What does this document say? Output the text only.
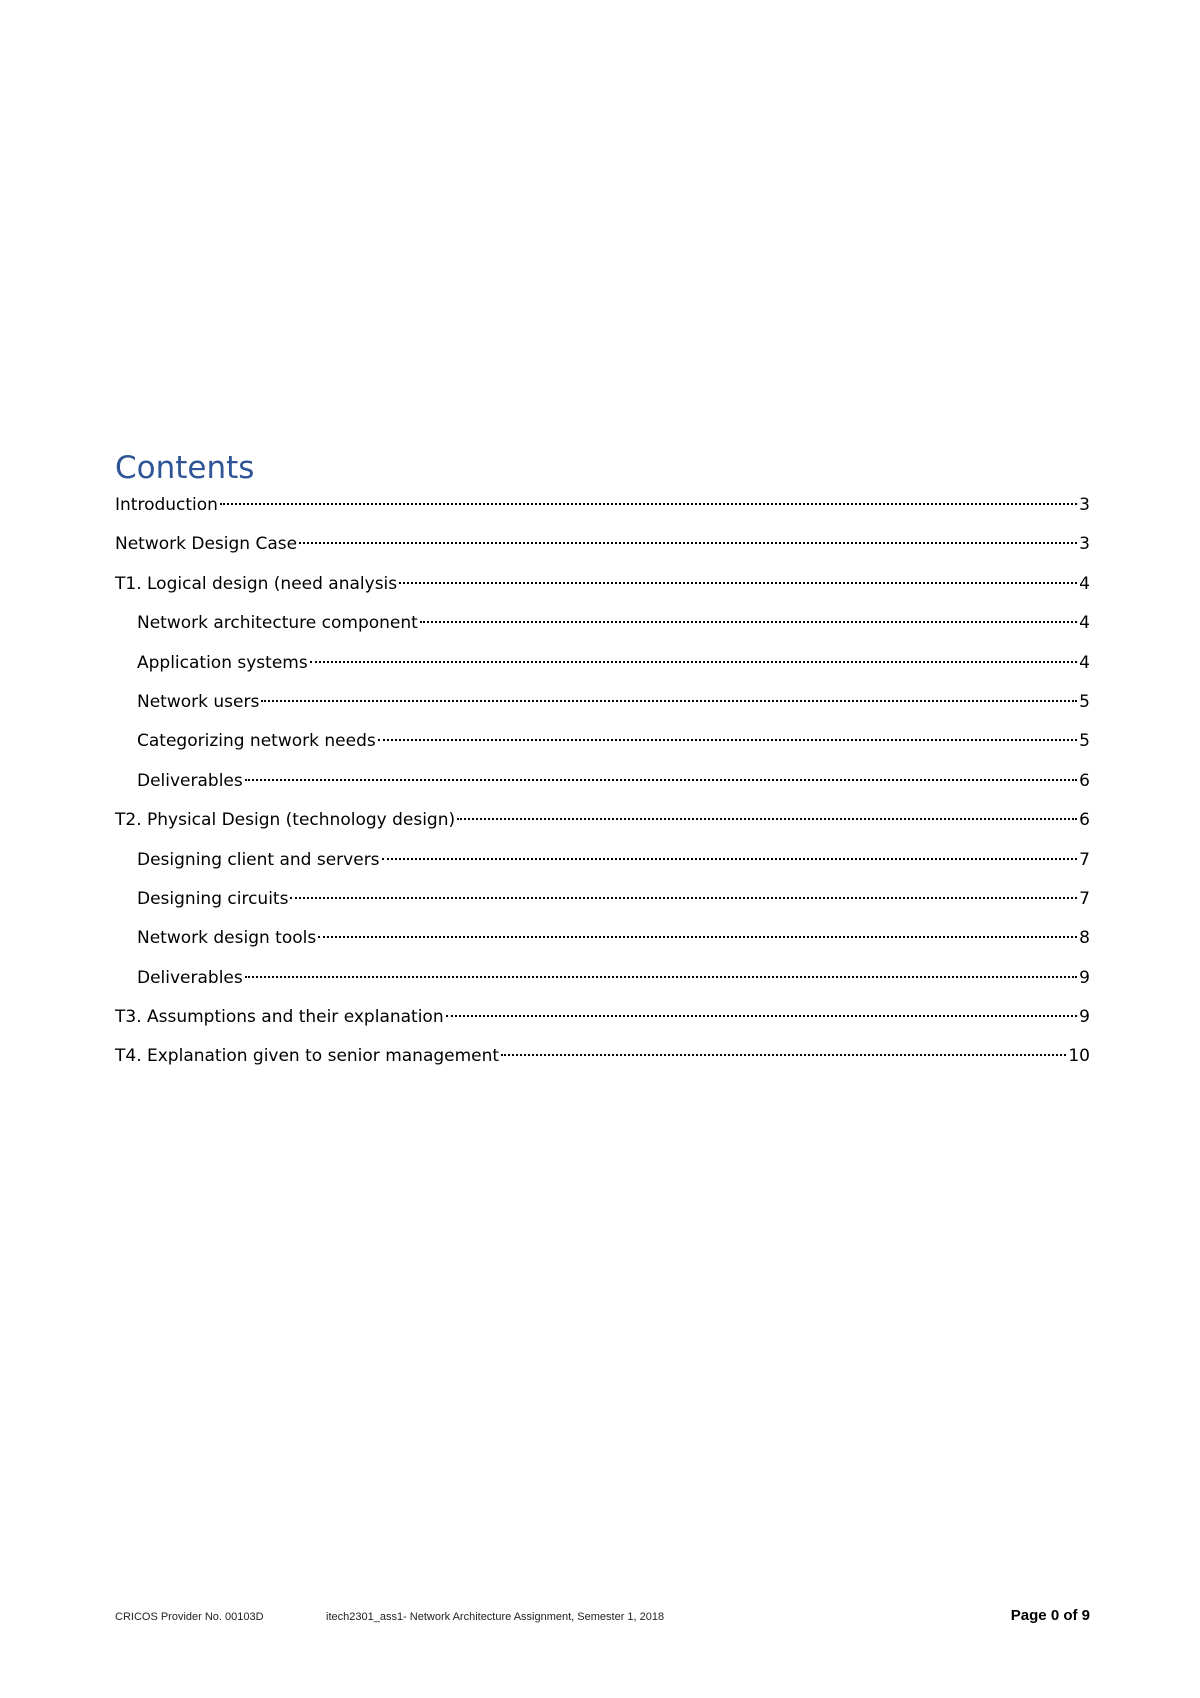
Contents
Introduction	3
Network Design Case	3
T1. Logical design (need analysis	4
Network architecture component	4
Application systems	4
Network users	5
Categorizing network needs	5
Deliverables	6
T2. Physical Design (technology design)	6
Designing client and servers	7
Designing circuits	7
Network design tools	8
Deliverables	9
T3. Assumptions and their explanation	9
T4. Explanation given to senior management	10
CRICOS Provider No. 00103D	itech2301_ass1- Network Architecture Assignment, Semester 1, 2018	Page 0 of 9
